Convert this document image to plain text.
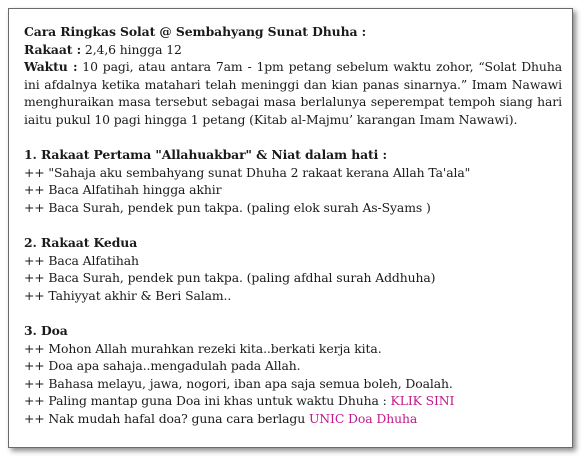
Cara Ringkas Solat @ Sembahyang Sunat Dhuha :
Rakaat : 2,4,6 hingga 12
Waktu : 10 pagi, atau antara 7am - 1pm petang sebelum waktu zohor, “Solat Dhuha ini afdalnya ketika matahari telah meninggi dan kian panas sinarnya.” Imam Nawawi menghuraikan masa tersebut sebagai masa berlalunya seperempat tempoh siang hari iaitu pukul 10 pagi hingga 1 petang (Kitab al-Majmu’ karangan Imam Nawawi).
1. Rakaat Pertama "Allahuakbar" & Niat dalam hati :
++ "Sahaja aku sembahyang sunat Dhuha 2 rakaat kerana Allah Ta'ala"
++ Baca Alfatihah hingga akhir
++ Baca Surah, pendek pun takpa. (paling elok surah As-Syams )
2. Rakaat Kedua
++ Baca Alfatihah
++ Baca Surah, pendek pun takpa. (paling afdhal surah Addhuha)
++ Tahiyyat akhir & Beri Salam..
3. Doa
++ Mohon Allah murahkan rezeki kita..berkati kerja kita.
++ Doa apa sahaja..mengadulah pada Allah.
++ Bahasa melayu, jawa, nogori, iban apa saja semua boleh, Doalah.
++ Paling mantap guna Doa ini khas untuk waktu Dhuha : KLIK SINI
++ Nak mudah hafal doa? guna cara berlagu UNIC Doa Dhuha
